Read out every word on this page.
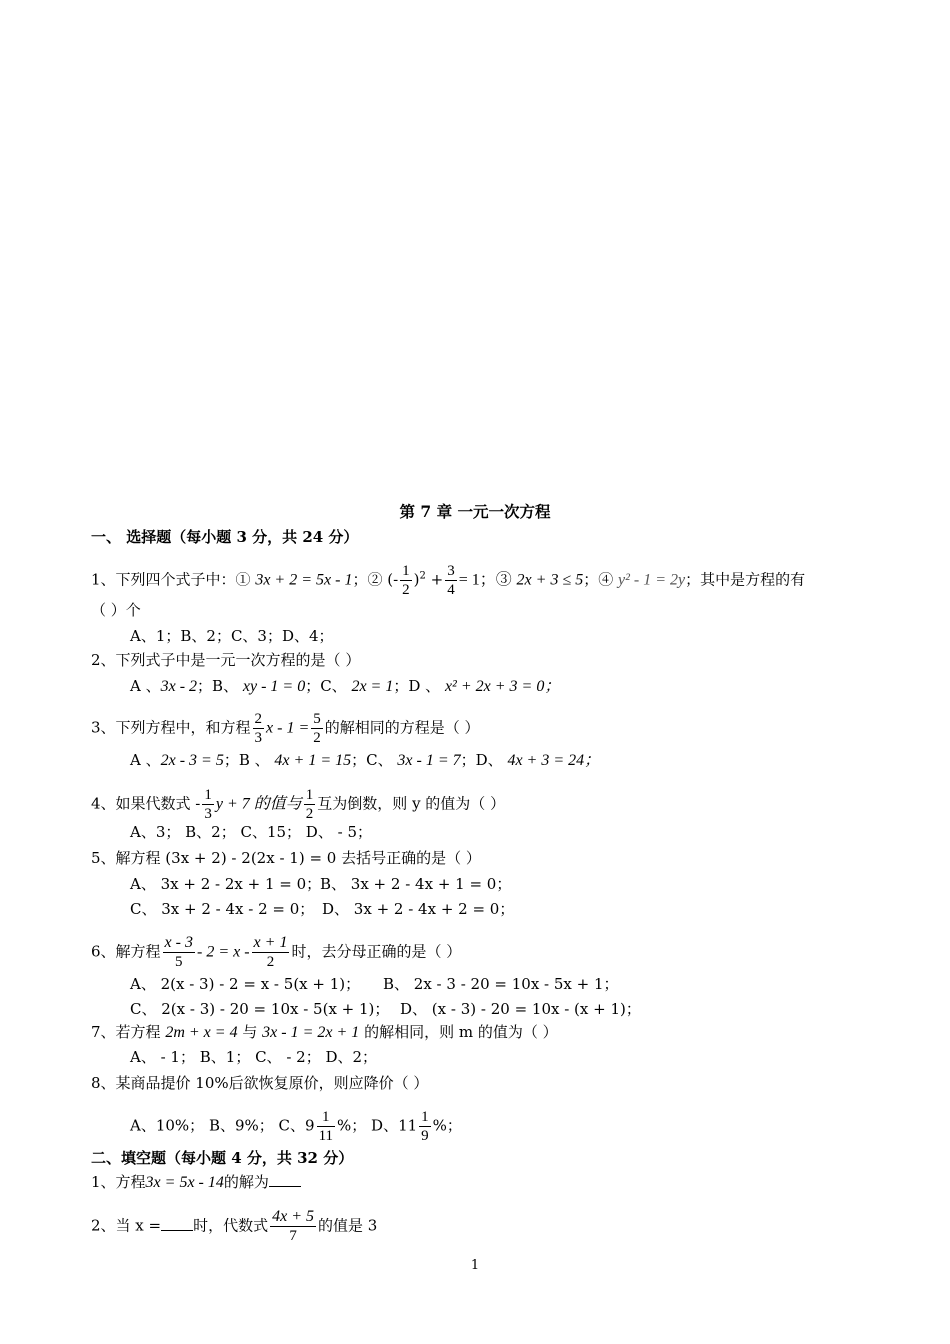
第 7 章 一元一次方程
一、 选择题（每小题 3 分，共 24 分）
1、下列四个式子中：① 3x + 2 = 5x - 1；② (- $\frac{1}{2} )^2 + \frac{3}{4} = 1$；③ 2x + 3 ≤ 5；④ y² - 1 = 2y；其中是方程的有
（ ）个
A、1；B、2；C、3；D、4；
2、下列式子中是一元一次方程的是（ ）
A 、3x - 2；B、 xy - 1 = 0；C、 2x = 1；D 、 x² + 2x + 3 = 0；
3、下列方程中，和方程 $\frac{2}{3}$ $x - 1 = \frac{5}{2}$ 的解相同的方程是（ ）
A 、2x - 3 = 5；B 、 4x + 1 = 15；C、 3x - 1 = 7；D、 4x + 3 = 24；
4、如果代数式 - $\frac{1}{3}$ y + 7 的值与 $\frac{1}{2}$ 互为倒数，则 y 的值为（ ）
A、3； B、2； C、15； D、 - 5；
5、解方程 (3x + 2) - 2(2x - 1) = 0 去括号正确的是（ ）
A、 3x + 2 - 2x + 1 = 0；
B、 3x + 2 - 4x + 1 = 0；
C、 3x + 2 - 4x - 2 = 0； D、 3x + 2 - 4x + 2 = 0；
6、解方程 $\frac{x - 3}{5} - 2 = x - \frac{x + 1}{2}$ 时，去分母正确的是（ ）
A、 2(x - 3) - 2 = x - 5(x + 1)； B、 2x - 3 - 20 = 10x - 5x + 1；
C、 2(x - 3) - 20 = 10x - 5(x + 1)； D、 (x - 3) - 20 = 10x - (x + 1)；
7、若方程 2m + x = 4 与 3x - 1 = 2x + 1 的解相同，则 m 的值为（ ）
A、 - 1； B、1； C、 - 2； D、2；
8、某商品提价 10%后欲恢复原价，则应降价（ ）
A、10%； B、9%； C、$9 \frac{1}{11}$ %； D、$11 \frac{1}{9}$ %；
二、填空题（每小题 4 分，共 32 分）
1、方程3x = 5x - 14的解为
2、当 x = 时，代数式 $\frac{4x + 5}{7}$ 的值是 3
1
